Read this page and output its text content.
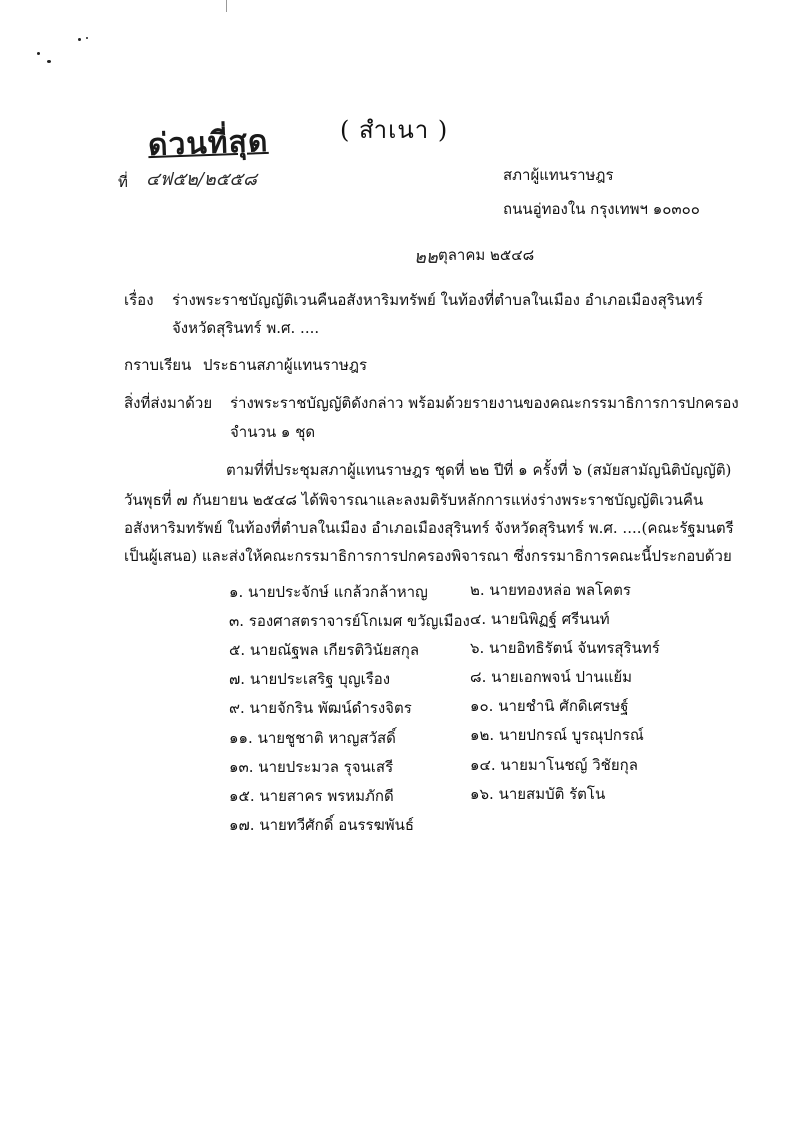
ด่วนที่สุด	( สำเนา )
ที่ ๔ฟ๕๒/๒๕๕๘	สภาผู้แทนราษฎร
ถนนอู่ทองใน กรุงเทพฯ ๑๐๓๐๐
๒๒ ตุลาคม ๒๕๔๘
เรื่อง ร่างพระราชบัญญัติเวนคืนอสังหาริมทรัพย์ ในท้องที่ตำบลในเมือง อำเภอเมืองสุรินทร์
จังหวัดสุรินทร์ พ.ศ. ....
กราบเรียน ประธานสภาผู้แทนราษฎร
สิ่งที่ส่งมาด้วย ร่างพระราชบัญญัติดังกล่าว พร้อมด้วยรายงานของคณะกรรมาธิการการปกครอง
จำนวน ๑ ชุด
ตามที่ที่ประชุมสภาผู้แทนราษฎร ชุดที่ ๒๒ ปีที่ ๑ ครั้งที่ ๖ (สมัยสามัญนิติบัญญัติ)
วันพุธที่ ๗ กันยายน ๒๕๔๘ ได้พิจารณาและลงมติรับหลักการแห่งร่างพระราชบัญญัติเวนคืน
อสังหาริมทรัพย์ ในท้องที่ตำบลในเมือง อำเภอเมืองสุรินทร์ จังหวัดสุรินทร์ พ.ศ. ....(คณะรัฐมนตรี
เป็นผู้เสนอ) และส่งให้คณะกรรมาธิการการปกครองพิจารณา ซึ่งกรรมาธิการคณะนี้ประกอบด้วย
๑. นายประจักษ์ แกล้วกล้าหาญ
๓. รองศาสตราจารย์โกเมศ ขวัญเมือง
๕. นายณัฐพล เกียรติวินัยสกุล
๗. นายประเสริฐ บุญเรือง
๙. นายจักริน พัฒน์ดำรงจิตร
๑๑. นายชูชาติ หาญสวัสดิ์
๑๓. นายประมวล รุจนเสรี
๑๕. นายสาคร พรหมภักดี
๑๗. นายทวีศักดิ์ อนรรฆพันธ์
๒. นายทองหล่อ พลโคตร
๔. นายนิพิฏฐ์ ศรีนนท์
๖. นายอิทธิรัตน์ จันทรสุรินทร์
๘. นายเอกพจน์ ปานแย้ม
๑๐. นายชำนิ ศักดิเศรษฐ์
๑๒. นายปกรณ์ บูรณุปกรณ์
๑๔. นายมาโนชญ์ วิชัยกุล
๑๖. นายสมบัติ รัตโน
